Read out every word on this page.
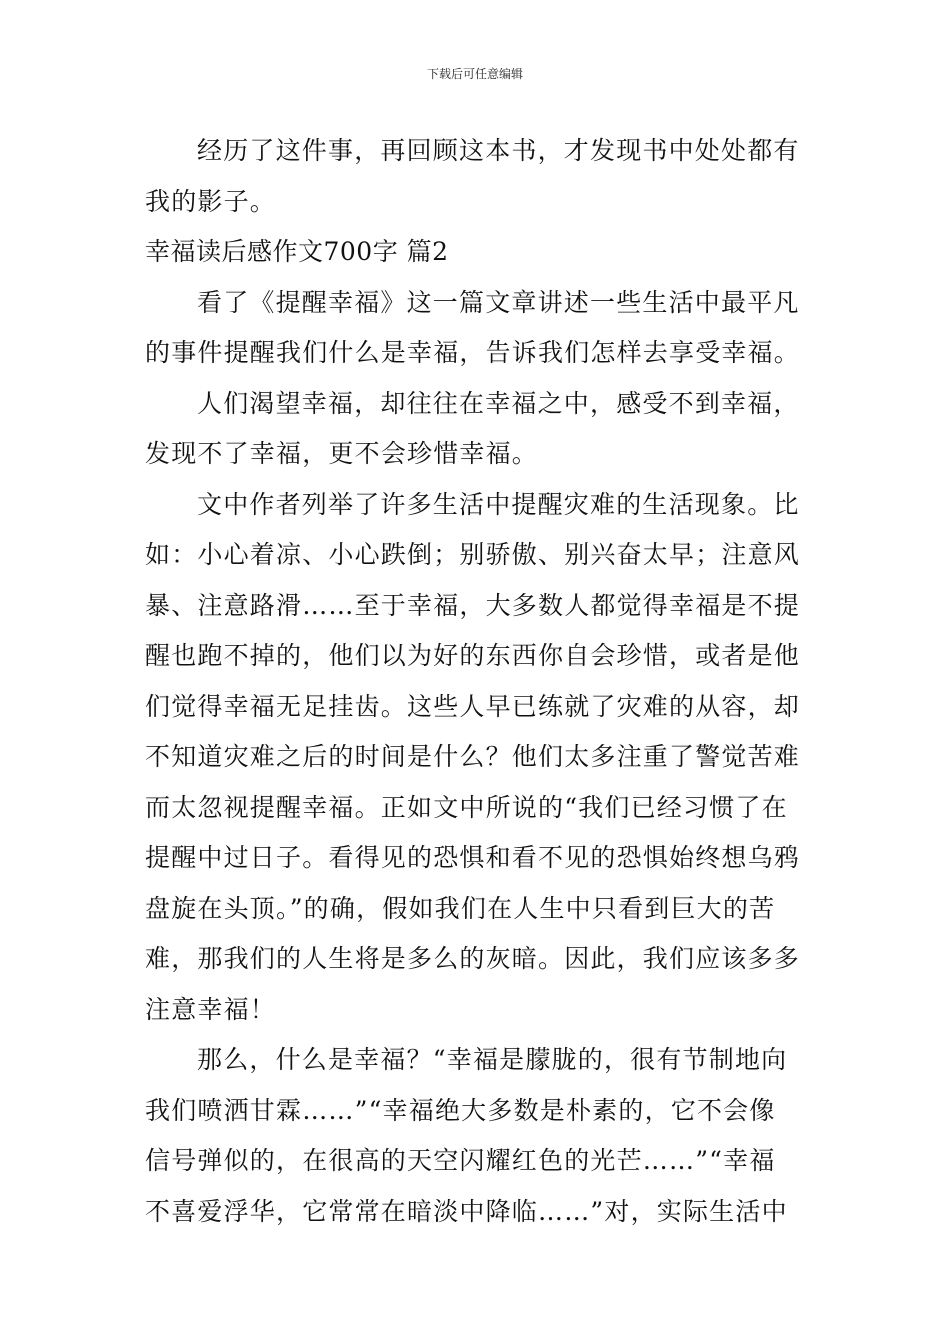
下载后可任意编辑

经历了这件事，再回顾这本书，才发现书中处处都有
我的影子。

幸福读后感作文700字 篇2

看了《提醒幸福》这一篇文章讲述一些生活中最平凡
的事件提醒我们什么是幸福，告诉我们怎样去享受幸福。

人们渴望幸福，却往往在幸福之中，感受不到幸福，
发现不了幸福，更不会珍惜幸福。

文中作者列举了许多生活中提醒灾难的生活现象。比
如：小心着凉、小心跌倒；别骄傲、别兴奋太早；注意风
暴、注意路滑……至于幸福，大多数人都觉得幸福是不提
醒也跑不掉的，他们以为好的东西你自会珍惜，或者是他
们觉得幸福无足挂齿。这些人早已练就了灾难的从容，却
不知道灾难之后的时间是什么？他们太多注重了警觉苦难
而太忽视提醒幸福。正如文中所说的“我们已经习惯了在
提醒中过日子。看得见的恐惧和看不见的恐惧始终想乌鸦
盘旋在头顶。”的确，假如我们在人生中只看到巨大的苦
难，那我们的人生将是多么的灰暗。因此，我们应该多多
注意幸福！

那么，什么是幸福？“幸福是朦胧的，很有节制地向
我们喷洒甘霖……”“幸福绝大多数是朴素的，它不会像
信号弹似的，在很高的天空闪耀红色的光芒……”“幸福
不喜爱浮华，它常常在暗淡中降临……”对，实际生活中
